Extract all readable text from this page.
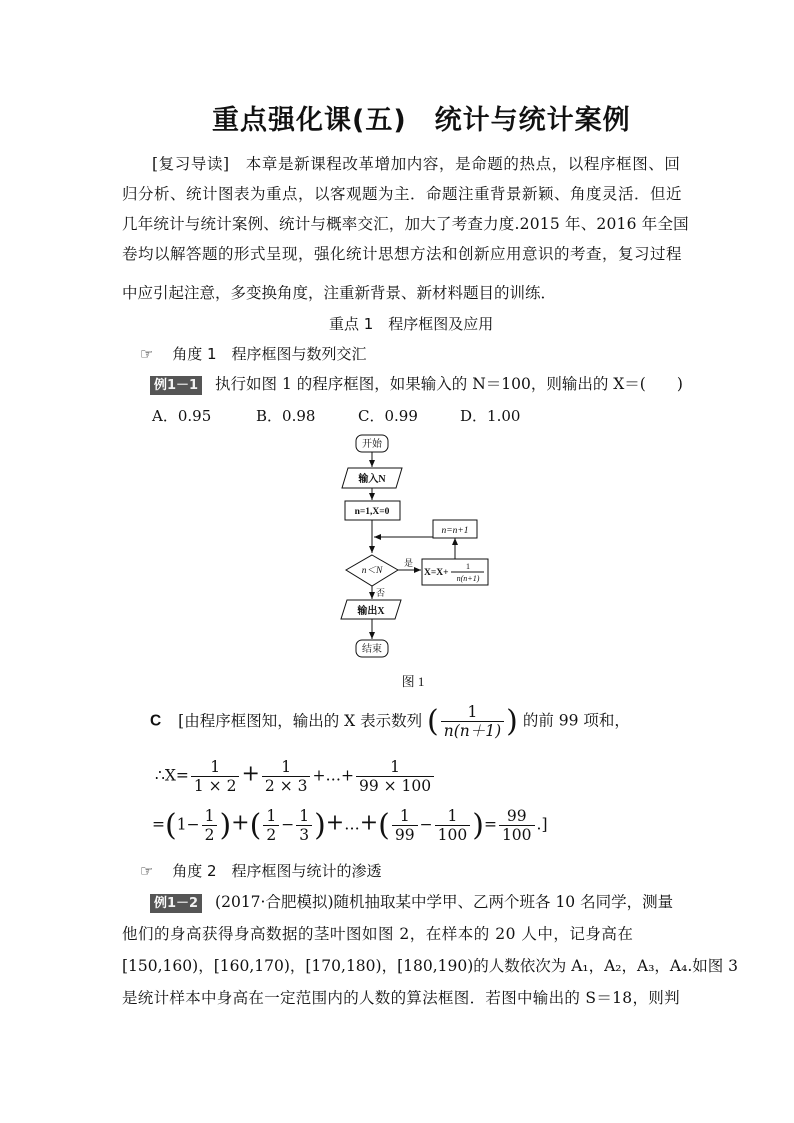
重点强化课(五)　统计与统计案例
[复习导读]　本章是新课程改革增加内容，是命题的热点，以程序框图、回
归分析、统计图表为重点，以客观题为主．命题注重背景新颖、角度灵活．但近
几年统计与统计案例、统计与概率交汇，加大了考查力度.2015 年、2016 年全国
卷均以解答题的形式呈现，强化统计思想方法和创新应用意识的考查，复习过程
中应引起注意，多变换角度，注重新背景、新材料题目的训练．
重点 1　程序框图及应用
☞ 角度 1　程序框图与数列交汇
例1－1 执行如图 1 的程序框图，如果输入的 N＝100，则输出的 X＝(　　)
A．0.95	B．0.98	C．0.99	D．1.00
开始
输入N
n=1,X=0
n＜N
是
否
X=X+
1
n(n+1)
n=n+1
输出X
结束
图 1
C [由程序框图知，输出的 X 表示数列 ( $\frac{1}{n(n+1)}$ ) 的前 99 项和，
∴X= $\frac{1}{1 \times 2} + \frac{1}{2 \times 3}$ +…+ $\frac{1}{99 \times 100}$
$=(1- \frac{1}{2}$ )+( $\frac{1}{2} - \frac{1}{3}$ )+…+( $\frac{1}{99} - \frac{1}{100}$ )= $\frac{99}{100}$ .]
☞ 角度 2　程序框图与统计的渗透
例1－2 (2017·合肥模拟)随机抽取某中学甲、乙两个班各 10 名同学，测量
他们的身高获得身高数据的茎叶图如图 2，在样本的 20 人中，记身高在
[150,160)，[160,170)，[170,180)，[180,190)的人数依次为 A₁，A₂，A₃，A₄.如图 3
是统计样本中身高在一定范围内的人数的算法框图．若图中输出的 S＝18，则判
